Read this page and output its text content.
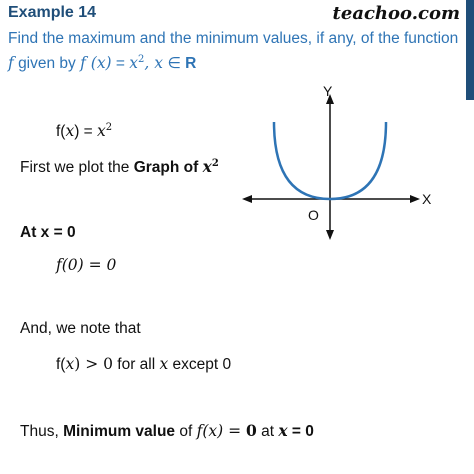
Example 14	teachoo.com
Find the maximum and the minimum values, if any, of the function
f given by f $(x) = x^2$, x ∈ R
$f(x) = x^2$
First we plot the Graph of $x^2$
At x = 0
f(0) = 0
And, we note that
f(x) > 0 for all x except 0
Thus, Minimum value of f(x) = 0 at x = 0
Y
X
O
